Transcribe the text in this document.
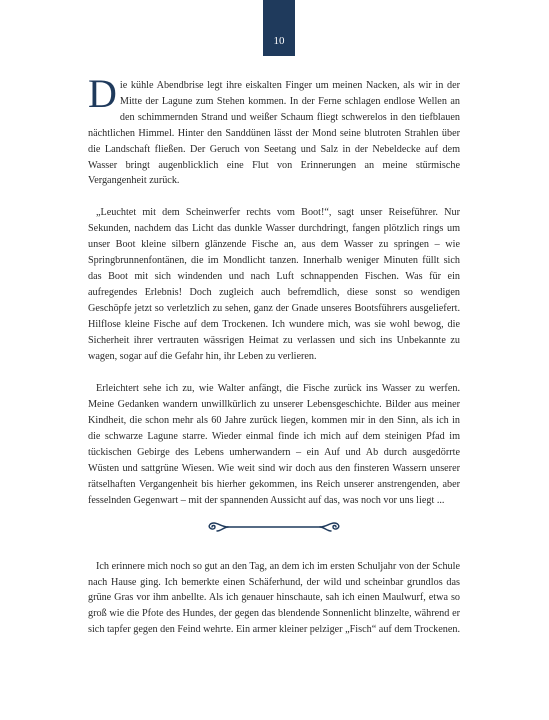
10

Die kühle Abendbrise legt ihre eiskalten Finger um meinen Nacken, als wir in der Mitte der Lagune zum Stehen kommen. In der Ferne schlagen endlose Wellen an den schimmernden Strand und weißer Schaum fliegt schwerelos in den tiefblauen nächtlichen Himmel. Hinter den Sanddünen lässt der Mond seine blutroten Strahlen über die Landschaft fließen. Der Geruch von Seetang und Salz in der Nebeldecke auf dem Wasser bringt augenblicklich eine Flut von Erinnerungen an meine stürmische Vergangenheit zurück.

„Leuchtet mit dem Scheinwerfer rechts vom Boot!“, sagt unser Reiseführer. Nur Sekunden, nachdem das Licht das dunkle Wasser durchdringt, fangen plötzlich rings um unser Boot kleine silbern glänzende Fische an, aus dem Wasser zu springen – wie Springbrunnenfontänen, die im Mondlicht tanzen. Innerhalb weniger Minuten füllt sich das Boot mit sich windenden und nach Luft schnappenden Fischen. Was für ein aufregendes Erlebnis! Doch zugleich auch befremdlich, diese sonst so wendigen Geschöpfe jetzt so verletzlich zu sehen, ganz der Gnade unseres Bootsführers ausgeliefert. Hilflose kleine Fische auf dem Trockenen. Ich wundere mich, was sie wohl bewog, die Sicherheit ihrer vertrauten wässrigen Heimat zu verlassen und sich ins Unbekannte zu wagen, sogar auf die Gefahr hin, ihr Leben zu verlieren.

Erleichtert sehe ich zu, wie Walter anfängt, die Fische zurück ins Wasser zu werfen. Meine Gedanken wandern unwillkürlich zu unserer Lebensgeschichte. Bilder aus meiner Kindheit, die schon mehr als 60 Jahre zurück liegen, kommen mir in den Sinn, als ich in die schwarze Lagune starre. Wieder einmal finde ich mich auf dem steinigen Pfad im tückischen Gebirge des Lebens umherwandern – ein Auf und Ab durch ausgedörrte Wüsten und sattgrüne Wiesen. Wie weit sind wir doch aus den finsteren Wassern unserer rätselhaften Vergangenheit bis hierher gekommen, ins Reich unserer anstrengenden, aber fesselnden Gegenwart – mit der spannenden Aussicht auf das, was noch vor uns liegt ...

Ich erinnere mich noch so gut an den Tag, an dem ich im ersten Schuljahr von der Schule nach Hause ging. Ich bemerkte einen Schäferhund, der wild und scheinbar grundlos das grüne Gras vor ihm anbellte. Als ich genauer hinschaute, sah ich einen Maulwurf, etwa so groß wie die Pfote des Hundes, der gegen das blendende Sonnenlicht blinzelte, während er sich tapfer gegen den Feind wehrte. Ein armer kleiner pelziger „Fisch“ auf dem Trockenen.
